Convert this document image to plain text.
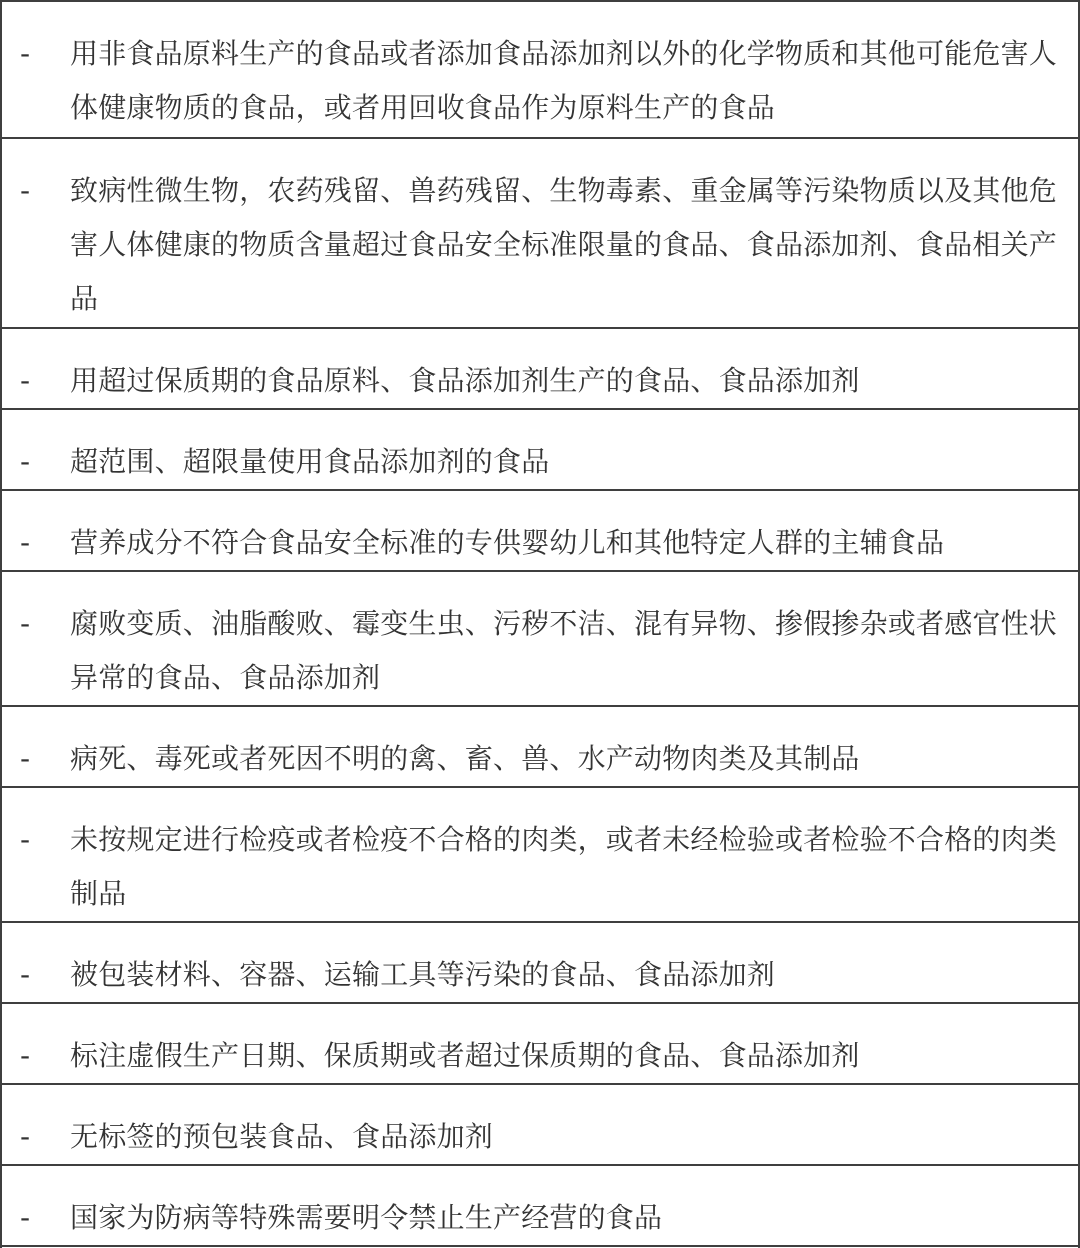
- 用非食品原料生产的食品或者添加食品添加剂以外的化学物质和其他可能危害人体健康物质的食品，或者用回收食品作为原料生产的食品
- 致病性微生物，农药残留、兽药残留、生物毒素、重金属等污染物质以及其他危害人体健康的物质含量超过食品安全标准限量的食品、食品添加剂、食品相关产品
- 用超过保质期的食品原料、食品添加剂生产的食品、食品添加剂
- 超范围、超限量使用食品添加剂的食品
- 营养成分不符合食品安全标准的专供婴幼儿和其他特定人群的主辅食品
- 腐败变质、油脂酸败、霉变生虫、污秽不洁、混有异物、掺假掺杂或者感官性状异常的食品、食品添加剂
- 病死、毒死或者死因不明的禽、畜、兽、水产动物肉类及其制品
- 未按规定进行检疫或者检疫不合格的肉类，或者未经检验或者检验不合格的肉类制品
- 被包装材料、容器、运输工具等污染的食品、食品添加剂
- 标注虚假生产日期、保质期或者超过保质期的食品、食品添加剂
- 无标签的预包装食品、食品添加剂
- 国家为防病等特殊需要明令禁止生产经营的食品
